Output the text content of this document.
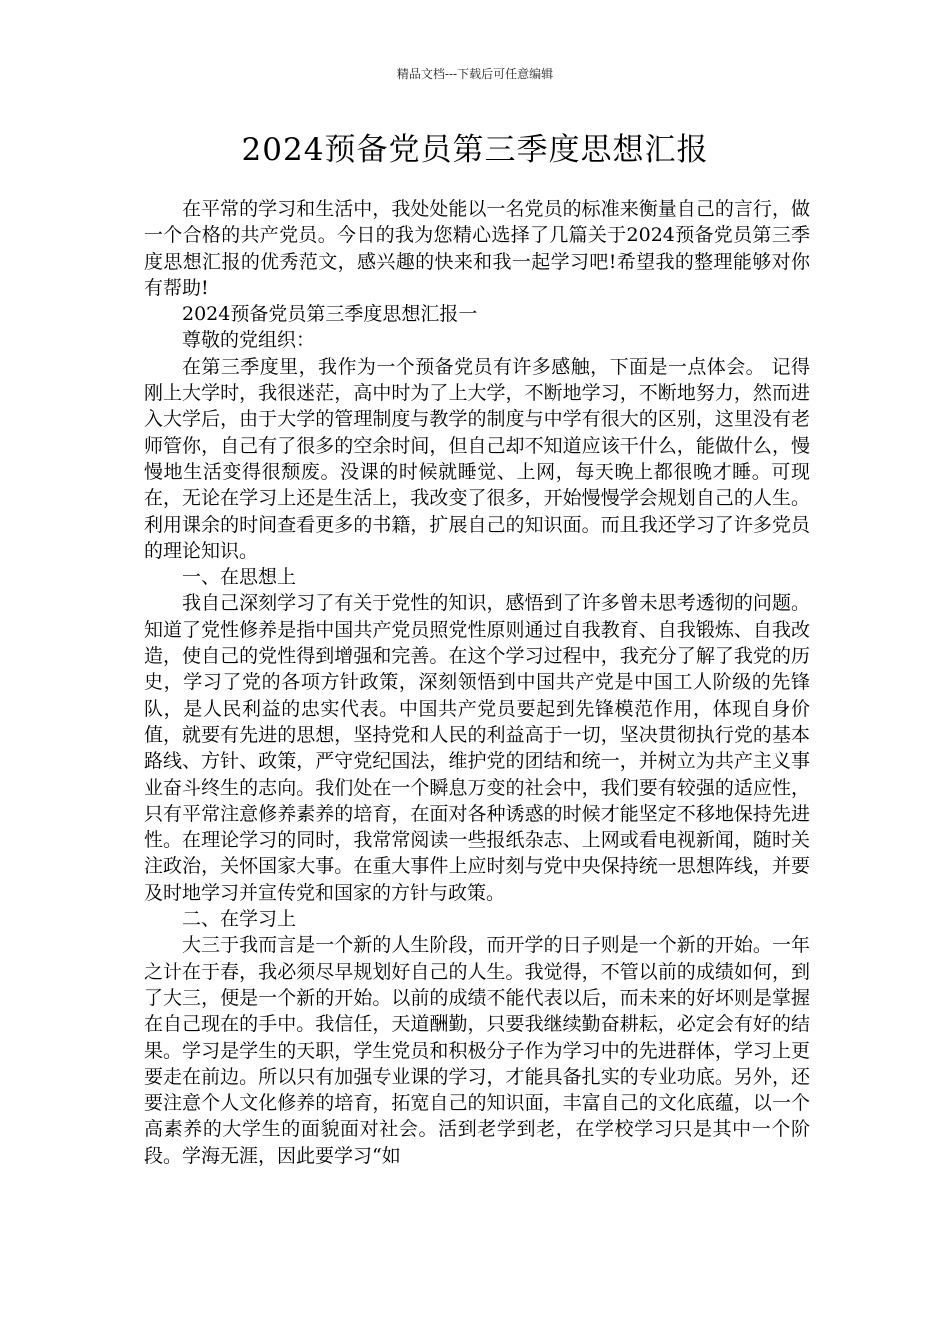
精品文档---下载后可任意编辑
2024预备党员第三季度思想汇报

在平常的学习和生活中，我处处能以一名党员的标准来衡量自己的言行，做一个合格的共产党员。今日的我为您精心选择了几篇关于2024预备党员第三季度思想汇报的优秀范文，感兴趣的快来和我一起学习吧!希望我的整理能够对你有帮助!

2024预备党员第三季度思想汇报一

尊敬的党组织：

在第三季度里，我作为一个预备党员有许多感触，下面是一点体会。 记得刚上大学时，我很迷茫，高中时为了上大学，不断地学习，不断地努力，然而进入大学后，由于大学的管理制度与教学的制度与中学有很大的区别，这里没有老师管你，自己有了很多的空余时间，但自己却不知道应该干什么，能做什么，慢慢地生活变得很颓废。没课的时候就睡觉、上网，每天晚上都很晚才睡。可现在，无论在学习上还是生活上，我改变了很多，开始慢慢学会规划自己的人生。利用课余的时间查看更多的书籍，扩展自己的知识面。而且我还学习了许多党员的理论知识。

一、在思想上

我自己深刻学习了有关于党性的知识，感悟到了许多曾未思考透彻的问题。知道了党性修养是指中国共产党员照党性原则通过自我教育、自我锻炼、自我改造，使自己的党性得到增强和完善。在这个学习过程中，我充分了解了我党的历史，学习了党的各项方针政策，深刻领悟到中国共产党是中国工人阶级的先锋队，是人民利益的忠实代表。中国共产党员要起到先锋模范作用，体现自身价值，就要有先进的思想，坚持党和人民的利益高于一切，坚决贯彻执行党的基本路线、方针、政策，严守党纪国法，维护党的团结和统一，并树立为共产主义事业奋斗终生的志向。我们处在一个瞬息万变的社会中，我们要有较强的适应性，只有平常注意修养素养的培育，在面对各种诱惑的时候才能坚定不移地保持先进性。在理论学习的同时，我常常阅读一些报纸杂志、上网或看电视新闻，随时关注政治，关怀国家大事。在重大事件上应时刻与党中央保持统一思想阵线，并要及时地学习并宣传党和国家的方针与政策。

二、在学习上

大三于我而言是一个新的人生阶段，而开学的日子则是一个新的开始。一年之计在于春，我必须尽早规划好自己的人生。我觉得，不管以前的成绩如何，到了大三，便是一个新的开始。以前的成绩不能代表以后，而未来的好坏则是掌握在自己现在的手中。我信任，天道酬勤，只要我继续勤奋耕耘，必定会有好的结果。学习是学生的天职，学生党员和积极分子作为学习中的先进群体，学习上更要走在前边。所以只有加强专业课的学习，才能具备扎实的专业功底。另外，还要注意个人文化修养的培育，拓宽自己的知识面，丰富自己的文化底蕴，以一个高素养的大学生的面貌面对社会。活到老学到老，在学校学习只是其中一个阶段。学海无涯，因此要学习“如
